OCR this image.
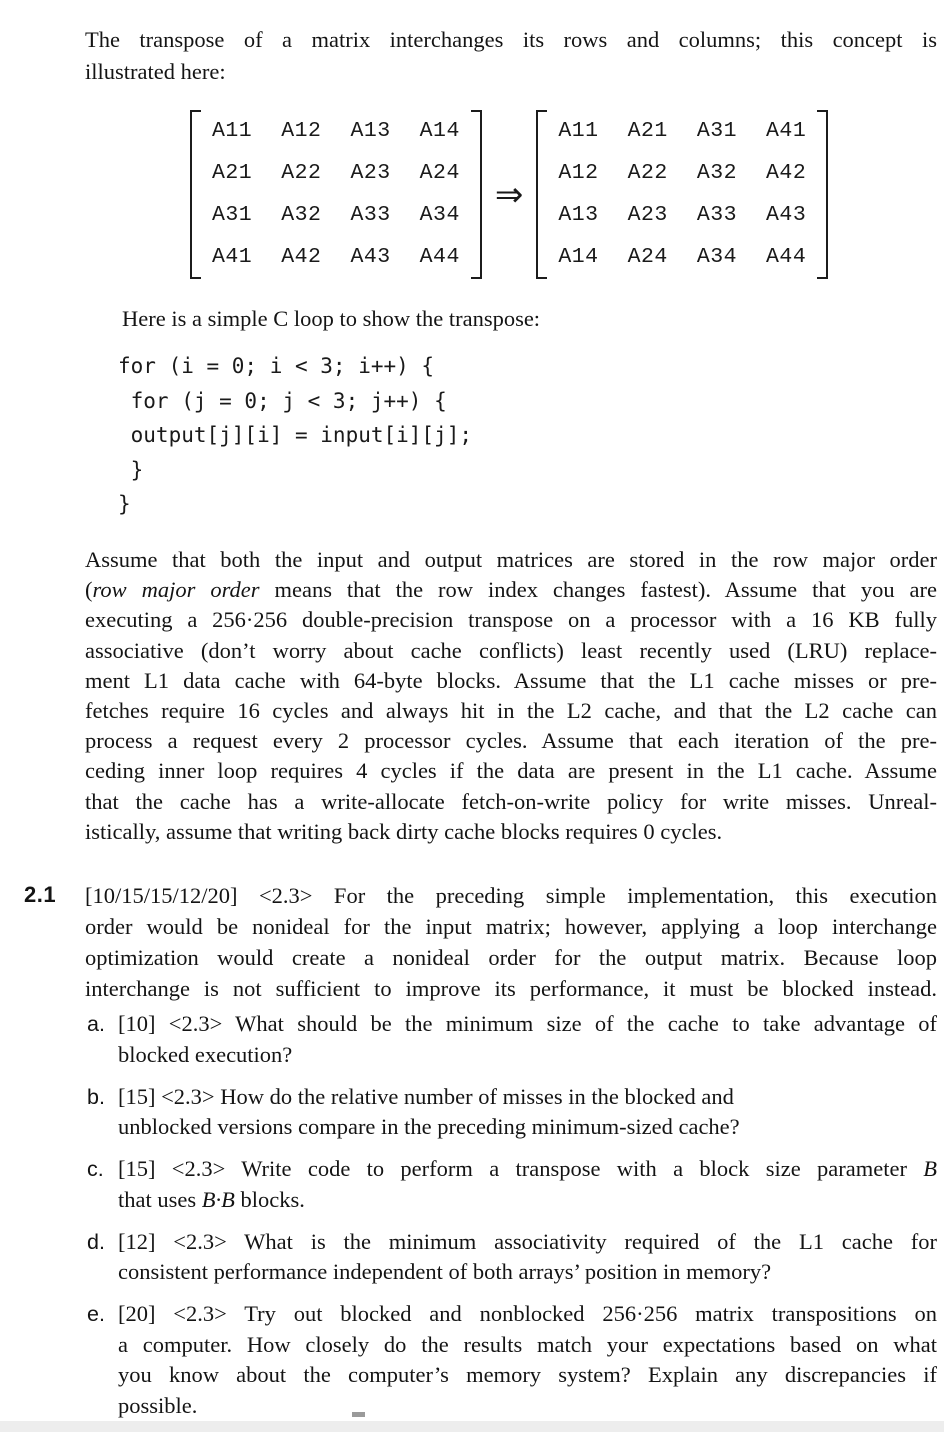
The transpose of a matrix interchanges its rows and columns; this concept is
illustrated here:
A11 A12 A13 A14
A21 A22 A23 A24
A31 A32 A33 A34
A41 A42 A43 A44
⇒
A11 A21 A31 A41
A12 A22 A32 A42
A13 A23 A33 A43
A14 A24 A34 A44
Here is a simple C loop to show the transpose:
for (i = 0; i < 3; i++) {
for (j = 0; j < 3; j++) {
output[j][i] = input[i][j];
}
}
Assume that both the input and output matrices are stored in the row major order
(row major order means that the row index changes fastest). Assume that you are
executing a 256·256 double-precision transpose on a processor with a 16 KB fully
associative (don’t worry about cache conflicts) least recently used (LRU) replace-
ment L1 data cache with 64-byte blocks. Assume that the L1 cache misses or pre-
fetches require 16 cycles and always hit in the L2 cache, and that the L2 cache can
process a request every 2 processor cycles. Assume that each iteration of the pre-
ceding inner loop requires 4 cycles if the data are present in the L1 cache. Assume
that the cache has a write-allocate fetch-on-write policy for write misses. Unreal-
istically, assume that writing back dirty cache blocks requires 0 cycles.
2.1 [10/15/15/12/20] <2.3> For the preceding simple implementation, this execution
order would be nonideal for the input matrix; however, applying a loop interchange
optimization would create a nonideal order for the output matrix. Because loop
interchange is not sufficient to improve its performance, it must be blocked instead.
a. [10] <2.3> What should be the minimum size of the cache to take advantage of
blocked execution?
b. [15] <2.3> How do the relative number of misses in the blocked and
unblocked versions compare in the preceding minimum-sized cache?
c. [15] <2.3> Write code to perform a transpose with a block size parameter B
that uses B·B blocks.
d. [12] <2.3> What is the minimum associativity required of the L1 cache for
consistent performance independent of both arrays’ position in memory?
e. [20] <2.3> Try out blocked and nonblocked 256·256 matrix transpositions on
a computer. How closely do the results match your expectations based on what
you know about the computer’s memory system? Explain any discrepancies if
possible.
